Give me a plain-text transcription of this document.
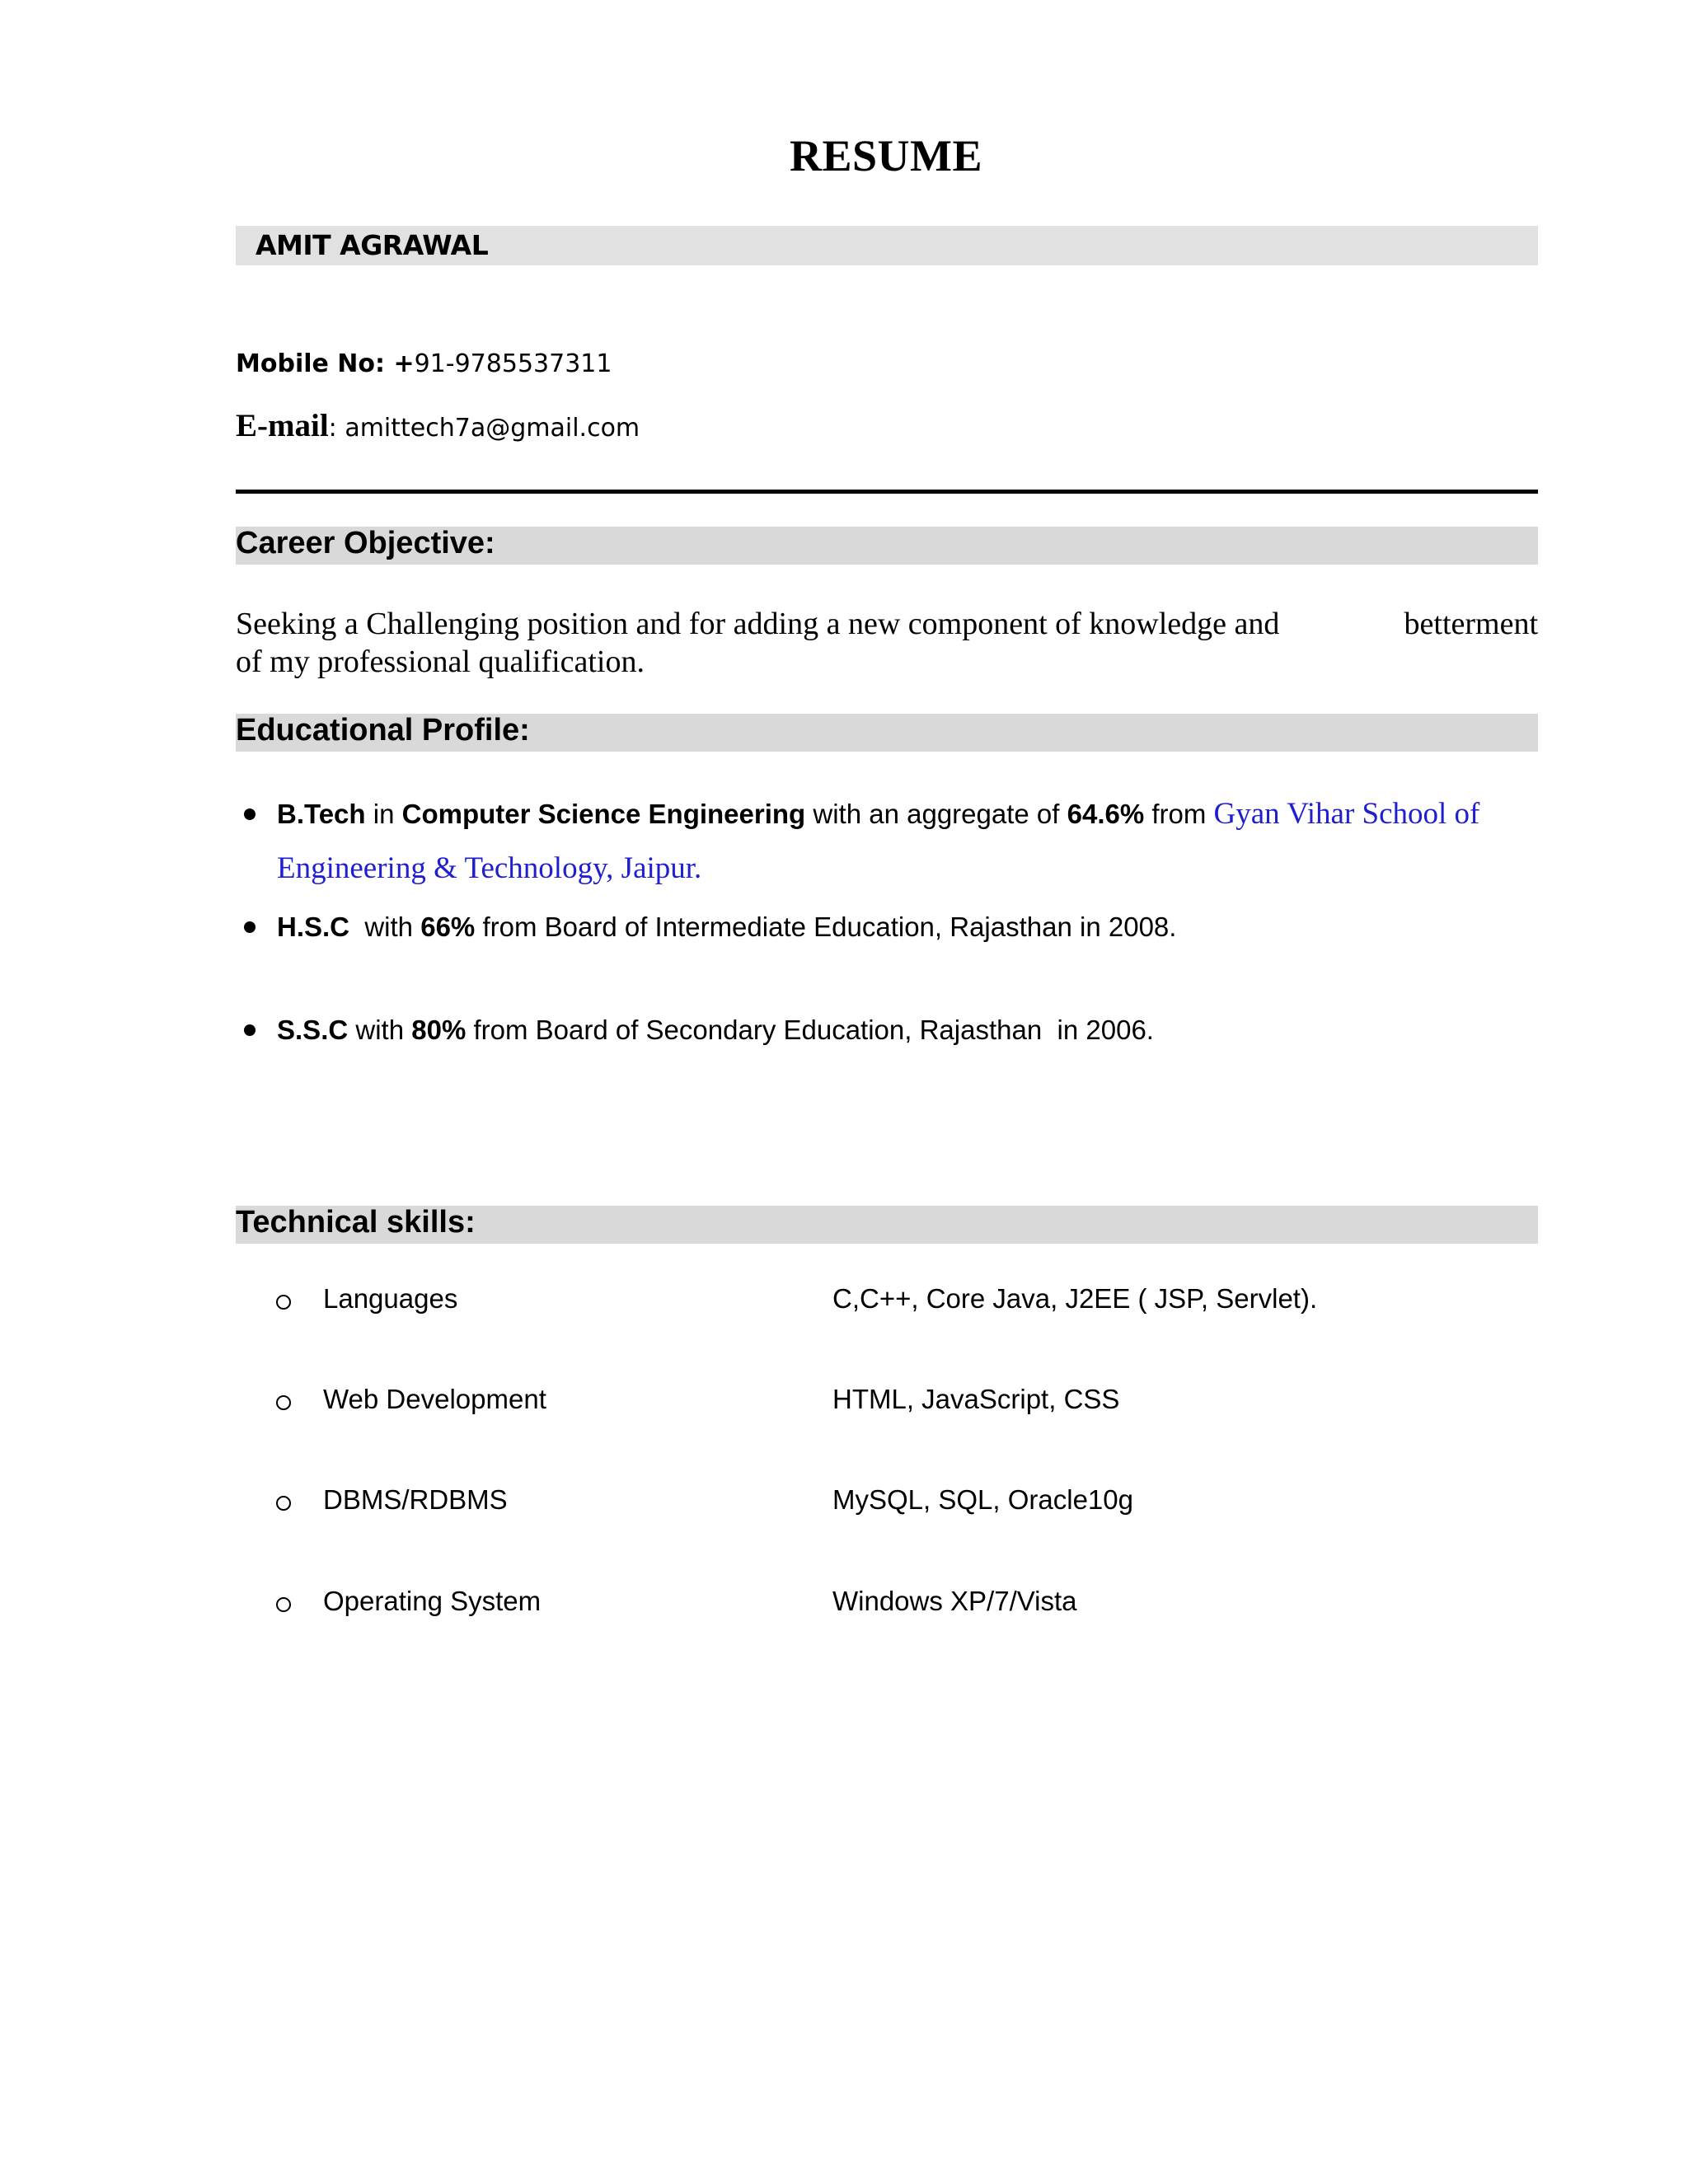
RESUME
AMIT AGRAWAL
Mobile No: +91-9785537311
E-mail: amittech7a@gmail.com
Career Objective:
Seeking a Challenging position and for adding a new component of knowledge and	betterment
of my professional qualification.
Educational Profile:
B.Tech in Computer Science Engineering with an aggregate of 64.6% from Gyan Vihar School of
Engineering & Technology, Jaipur.
H.S.C  with 66% from Board of Intermediate Education, Rajasthan in 2008.
S.S.C with 80% from Board of Secondary Education, Rajasthan  in 2006.
Technical skills:
Languages	C,C++, Core Java, J2EE ( JSP, Servlet).
Web Development	HTML, JavaScript, CSS
DBMS/RDBMS	MySQL, SQL, Oracle10g
Operating System	Windows XP/7/Vista
